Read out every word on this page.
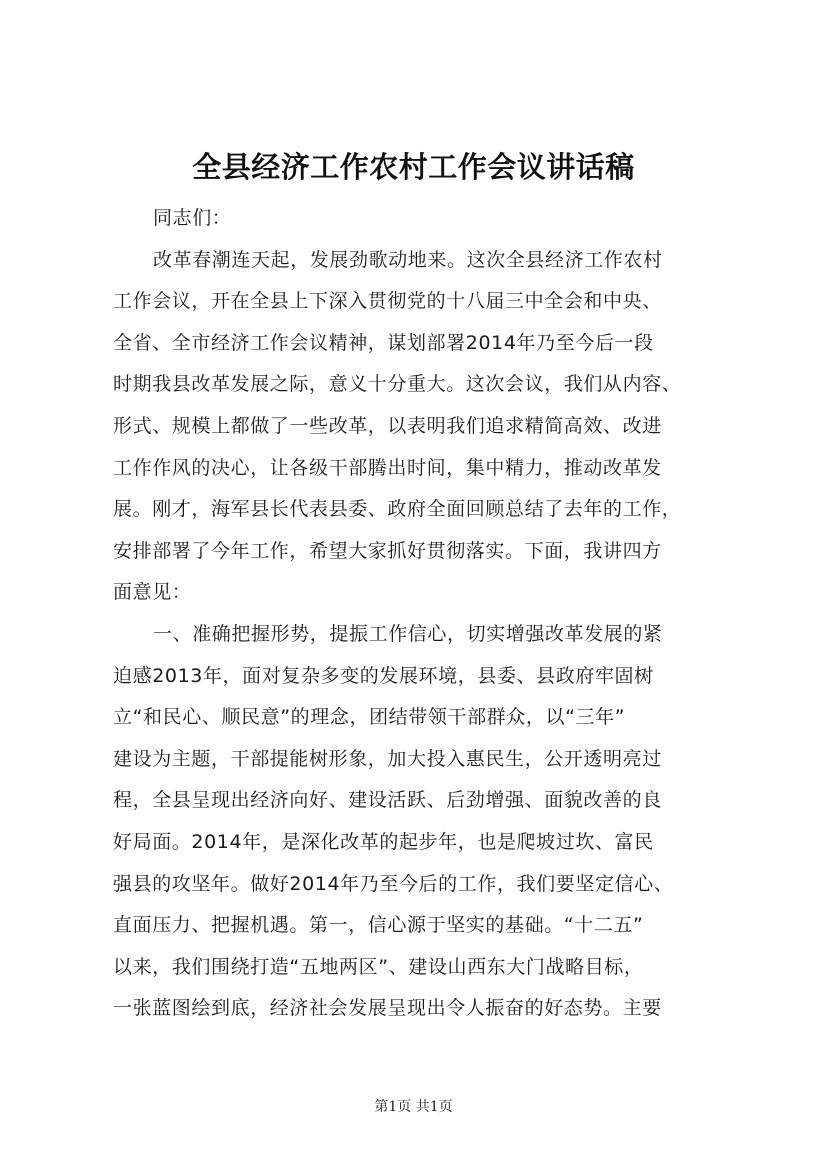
全县经济工作农村工作会议讲话稿
同志们：
改革春潮连天起，发展劲歌动地来。这次全县经济工作农村
工作会议，开在全县上下深入贯彻党的十八届三中全会和中央、
全省、全市经济工作会议精神，谋划部署2014年乃至今后一段
时期我县改革发展之际，意义十分重大。这次会议，我们从内容、
形式、规模上都做了一些改革，以表明我们追求精简高效、改进
工作作风的决心，让各级干部腾出时间，集中精力，推动改革发
展。刚才，海军县长代表县委、政府全面回顾总结了去年的工作，
安排部署了今年工作，希望大家抓好贯彻落实。下面，我讲四方
面意见：
一、准确把握形势，提振工作信心，切实增强改革发展的紧
迫感2013年，面对复杂多变的发展环境，县委、县政府牢固树
立“和民心、顺民意”的理念，团结带领干部群众，以“三年”
建设为主题，干部提能树形象，加大投入惠民生，公开透明亮过
程，全县呈现出经济向好、建设活跃、后劲增强、面貌改善的良
好局面。2014年，是深化改革的起步年，也是爬坡过坎、富民
强县的攻坚年。做好2014年乃至今后的工作，我们要坚定信心、
直面压力、把握机遇。第一，信心源于坚实的基础。“十二五”
以来，我们围绕打造“五地两区”、建设山西东大门战略目标，
一张蓝图绘到底，经济社会发展呈现出令人振奋的好态势。主要
第1页 共1页
